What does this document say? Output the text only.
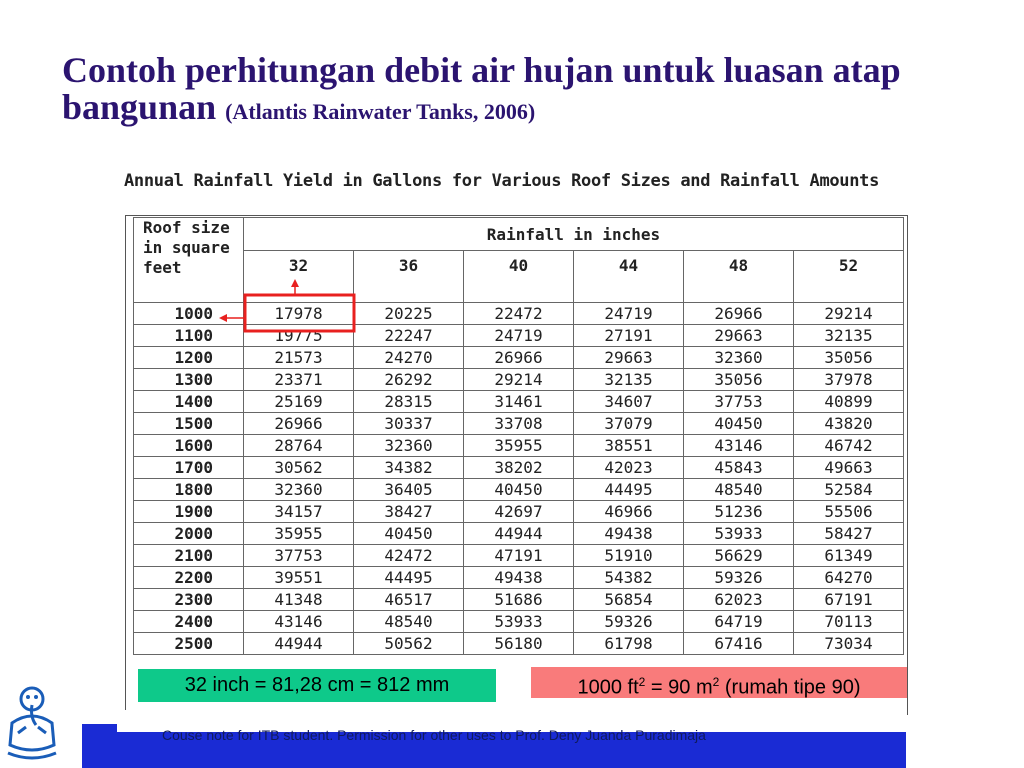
Contoh perhitungan debit air hujan untuk luasan atap bangunan (Atlantis Rainwater Tanks, 2006)
Annual Rainfall Yield in Gallons for Various Roof Sizes and Rainfall Amounts
Roof size in square feet	Rainfall in inches					
	32	36	40	44	48	52
1000	17978	20225	22472	24719	26966	29214
1100	19775	22247	24719	27191	29663	32135
1200	21573	24270	26966	29663	32360	35056
1300	23371	26292	29214	32135	35056	37978
1400	25169	28315	31461	34607	37753	40899
1500	26966	30337	33708	37079	40450	43820
1600	28764	32360	35955	38551	43146	46742
1700	30562	34382	38202	42023	45843	49663
1800	32360	36405	40450	44495	48540	52584
1900	34157	38427	42697	46966	51236	55506
2000	35955	40450	44944	49438	53933	58427
2100	37753	42472	47191	51910	56629	61349
2200	39551	44495	49438	54382	59326	64270
2300	41348	46517	51686	56854	62023	67191
2400	43146	48540	53933	59326	64719	70113
2500	44944	50562	56180	61798	67416	73034
32 inch = 81,28 cm = 812 mm	1000 $ft^2 = 90$ $m^2$ (rumah tipe 90)
Couse note for ITB student. Permission for other uses to Prof. Deny Juanda Puradimaja
